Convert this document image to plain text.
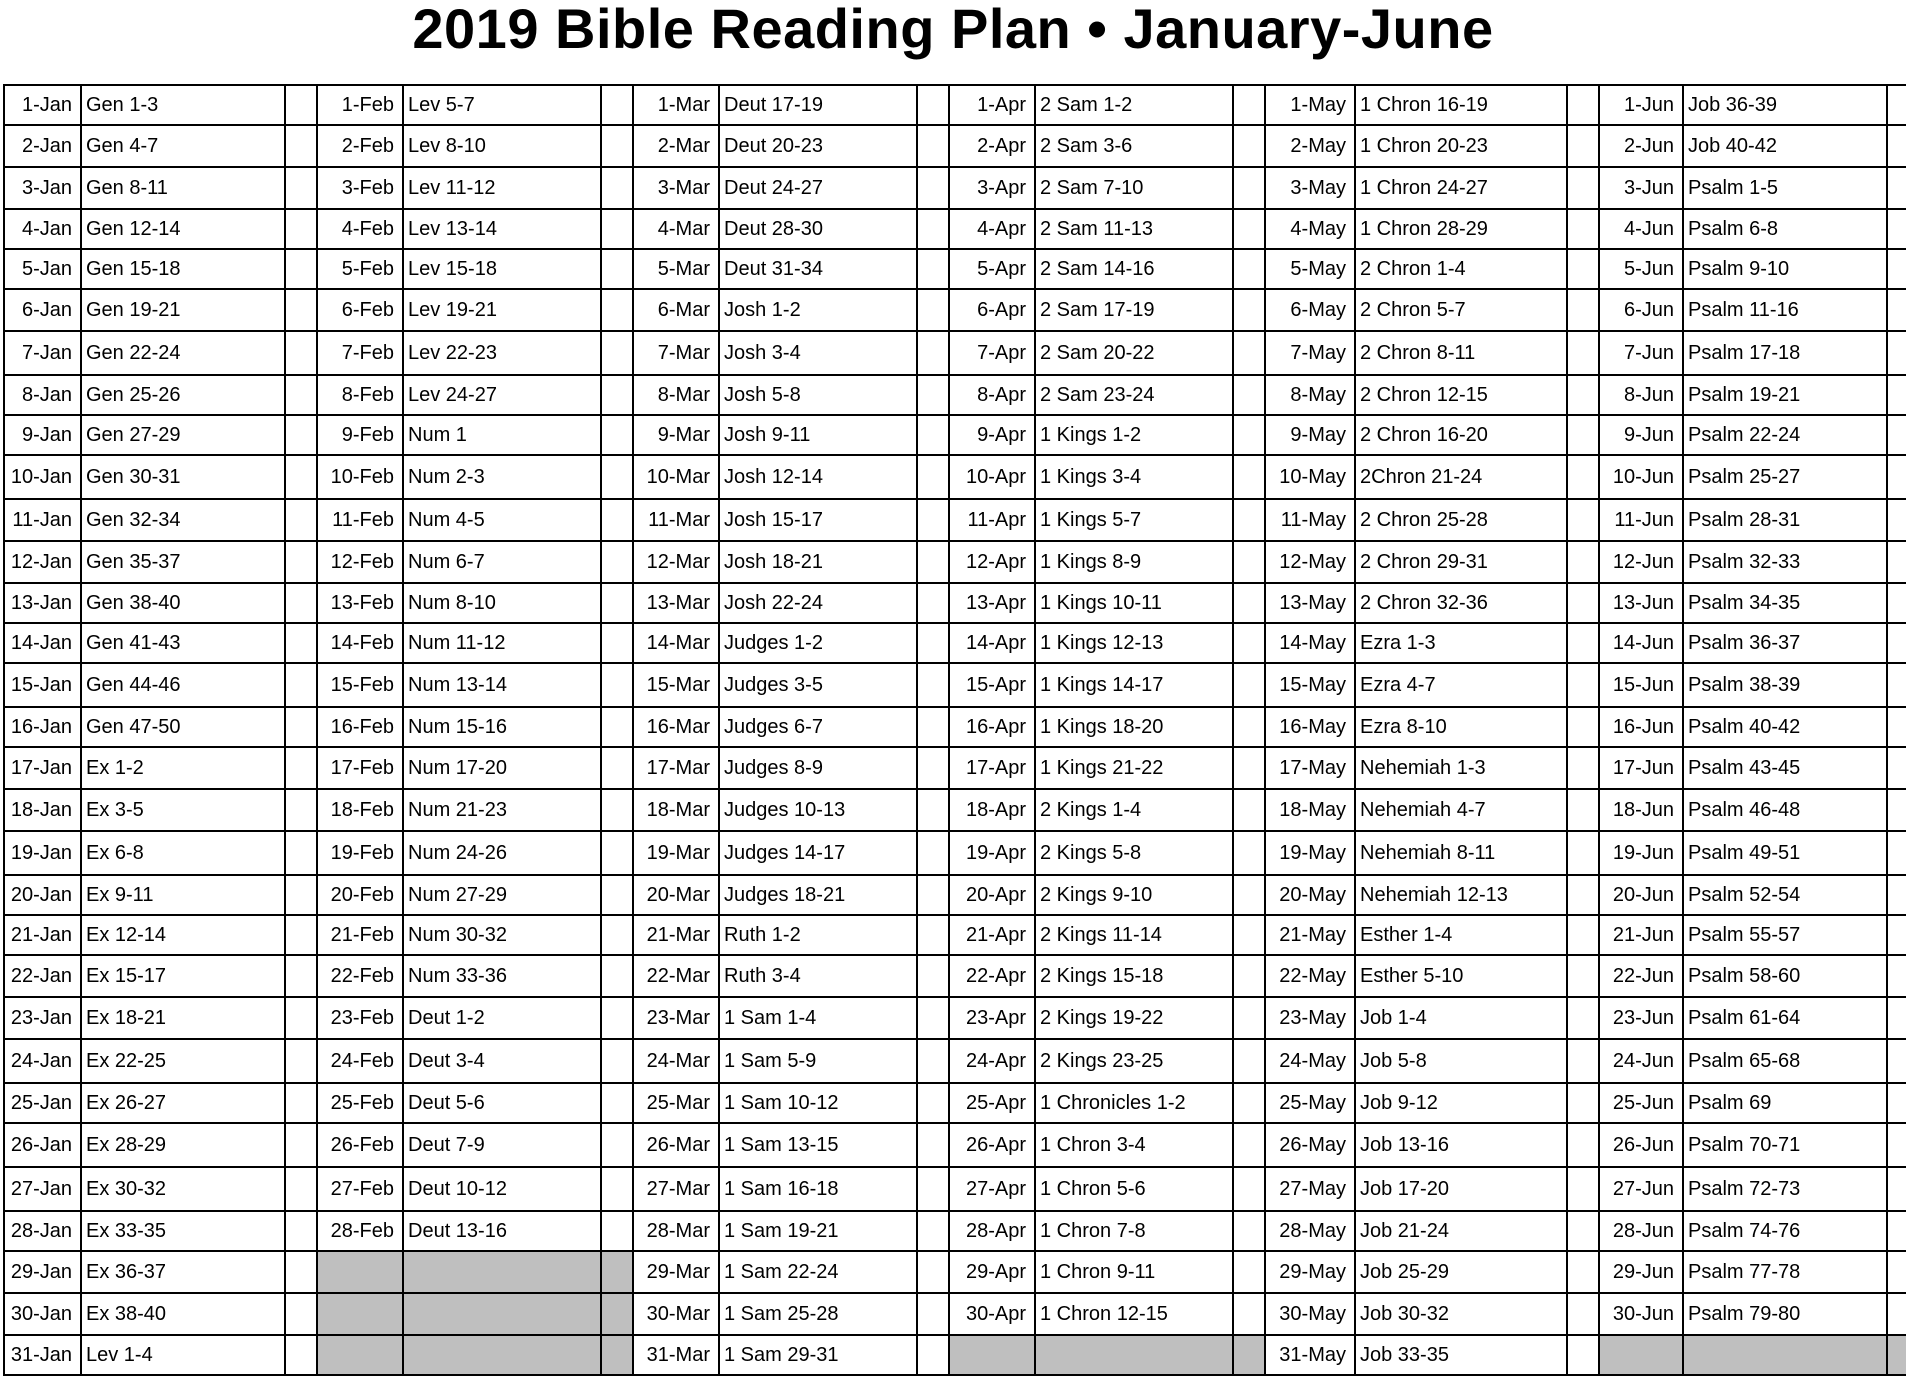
2019 Bible Reading Plan • January-June
1-Jan	Gen 1-3		1-Feb	Lev 5-7		1-Mar	Deut 17-19		1-Apr	2 Sam 1-2		1-May	1 Chron 16-19		1-Jun	Job 36-39	
2-Jan	Gen 4-7		2-Feb	Lev 8-10		2-Mar	Deut 20-23		2-Apr	2 Sam 3-6		2-May	1 Chron 20-23		2-Jun	Job 40-42	
3-Jan	Gen 8-11		3-Feb	Lev 11-12		3-Mar	Deut 24-27		3-Apr	2 Sam 7-10		3-May	1 Chron 24-27		3-Jun	Psalm 1-5	
4-Jan	Gen 12-14		4-Feb	Lev 13-14		4-Mar	Deut 28-30		4-Apr	2 Sam 11-13		4-May	1 Chron 28-29		4-Jun	Psalm 6-8	
5-Jan	Gen 15-18		5-Feb	Lev 15-18		5-Mar	Deut 31-34		5-Apr	2 Sam 14-16		5-May	2 Chron 1-4		5-Jun	Psalm 9-10	
6-Jan	Gen 19-21		6-Feb	Lev 19-21		6-Mar	Josh 1-2		6-Apr	2 Sam 17-19		6-May	2 Chron 5-7		6-Jun	Psalm 11-16	
7-Jan	Gen 22-24		7-Feb	Lev 22-23		7-Mar	Josh 3-4		7-Apr	2 Sam 20-22		7-May	2 Chron 8-11		7-Jun	Psalm 17-18	
8-Jan	Gen 25-26		8-Feb	Lev 24-27		8-Mar	Josh 5-8		8-Apr	2 Sam 23-24		8-May	2 Chron 12-15		8-Jun	Psalm 19-21	
9-Jan	Gen 27-29		9-Feb	Num 1		9-Mar	Josh 9-11		9-Apr	1 Kings 1-2		9-May	2 Chron 16-20		9-Jun	Psalm 22-24	
10-Jan	Gen 30-31		10-Feb	Num 2-3		10-Mar	Josh 12-14		10-Apr	1 Kings 3-4		10-May	2Chron 21-24		10-Jun	Psalm 25-27	
11-Jan	Gen 32-34		11-Feb	Num 4-5		11-Mar	Josh 15-17		11-Apr	1 Kings 5-7		11-May	2 Chron 25-28		11-Jun	Psalm 28-31	
12-Jan	Gen 35-37		12-Feb	Num 6-7		12-Mar	Josh 18-21		12-Apr	1 Kings 8-9		12-May	2 Chron 29-31		12-Jun	Psalm 32-33	
13-Jan	Gen 38-40		13-Feb	Num 8-10		13-Mar	Josh 22-24		13-Apr	1 Kings 10-11		13-May	2 Chron 32-36		13-Jun	Psalm 34-35	
14-Jan	Gen 41-43		14-Feb	Num 11-12		14-Mar	Judges 1-2		14-Apr	1 Kings 12-13		14-May	Ezra 1-3		14-Jun	Psalm 36-37	
15-Jan	Gen 44-46		15-Feb	Num 13-14		15-Mar	Judges 3-5		15-Apr	1 Kings 14-17		15-May	Ezra 4-7		15-Jun	Psalm 38-39	
16-Jan	Gen 47-50		16-Feb	Num 15-16		16-Mar	Judges 6-7		16-Apr	1 Kings 18-20		16-May	Ezra 8-10		16-Jun	Psalm 40-42	
17-Jan	Ex 1-2		17-Feb	Num 17-20		17-Mar	Judges 8-9		17-Apr	1 Kings 21-22		17-May	Nehemiah 1-3		17-Jun	Psalm 43-45	
18-Jan	Ex 3-5		18-Feb	Num 21-23		18-Mar	Judges 10-13		18-Apr	2 Kings 1-4		18-May	Nehemiah 4-7		18-Jun	Psalm 46-48	
19-Jan	Ex 6-8		19-Feb	Num 24-26		19-Mar	Judges 14-17		19-Apr	2 Kings 5-8		19-May	Nehemiah 8-11		19-Jun	Psalm 49-51	
20-Jan	Ex 9-11		20-Feb	Num 27-29		20-Mar	Judges 18-21		20-Apr	2 Kings 9-10		20-May	Nehemiah 12-13		20-Jun	Psalm 52-54	
21-Jan	Ex 12-14		21-Feb	Num 30-32		21-Mar	Ruth 1-2		21-Apr	2 Kings 11-14		21-May	Esther 1-4		21-Jun	Psalm 55-57	
22-Jan	Ex 15-17		22-Feb	Num 33-36		22-Mar	Ruth 3-4		22-Apr	2 Kings 15-18		22-May	Esther 5-10		22-Jun	Psalm 58-60	
23-Jan	Ex 18-21		23-Feb	Deut 1-2		23-Mar	1 Sam 1-4		23-Apr	2 Kings 19-22		23-May	Job 1-4		23-Jun	Psalm 61-64	
24-Jan	Ex 22-25		24-Feb	Deut 3-4		24-Mar	1 Sam 5-9		24-Apr	2 Kings 23-25		24-May	Job 5-8		24-Jun	Psalm 65-68	
25-Jan	Ex 26-27		25-Feb	Deut 5-6		25-Mar	1 Sam 10-12		25-Apr	1 Chronicles 1-2		25-May	Job 9-12		25-Jun	Psalm 69	
26-Jan	Ex 28-29		26-Feb	Deut 7-9		26-Mar	1 Sam 13-15		26-Apr	1 Chron 3-4		26-May	Job 13-16		26-Jun	Psalm 70-71	
27-Jan	Ex 30-32		27-Feb	Deut 10-12		27-Mar	1 Sam 16-18		27-Apr	1 Chron 5-6		27-May	Job 17-20		27-Jun	Psalm 72-73	
28-Jan	Ex 33-35		28-Feb	Deut 13-16		28-Mar	1 Sam 19-21		28-Apr	1 Chron 7-8		28-May	Job 21-24		28-Jun	Psalm 74-76	
29-Jan	Ex 36-37					29-Mar	1 Sam 22-24		29-Apr	1 Chron 9-11		29-May	Job 25-29		29-Jun	Psalm 77-78	
30-Jan	Ex 38-40					30-Mar	1 Sam 25-28		30-Apr	1 Chron 12-15		30-May	Job 30-32		30-Jun	Psalm 79-80	
31-Jan	Lev 1-4					31-Mar	1 Sam 29-31					31-May	Job 33-35				
